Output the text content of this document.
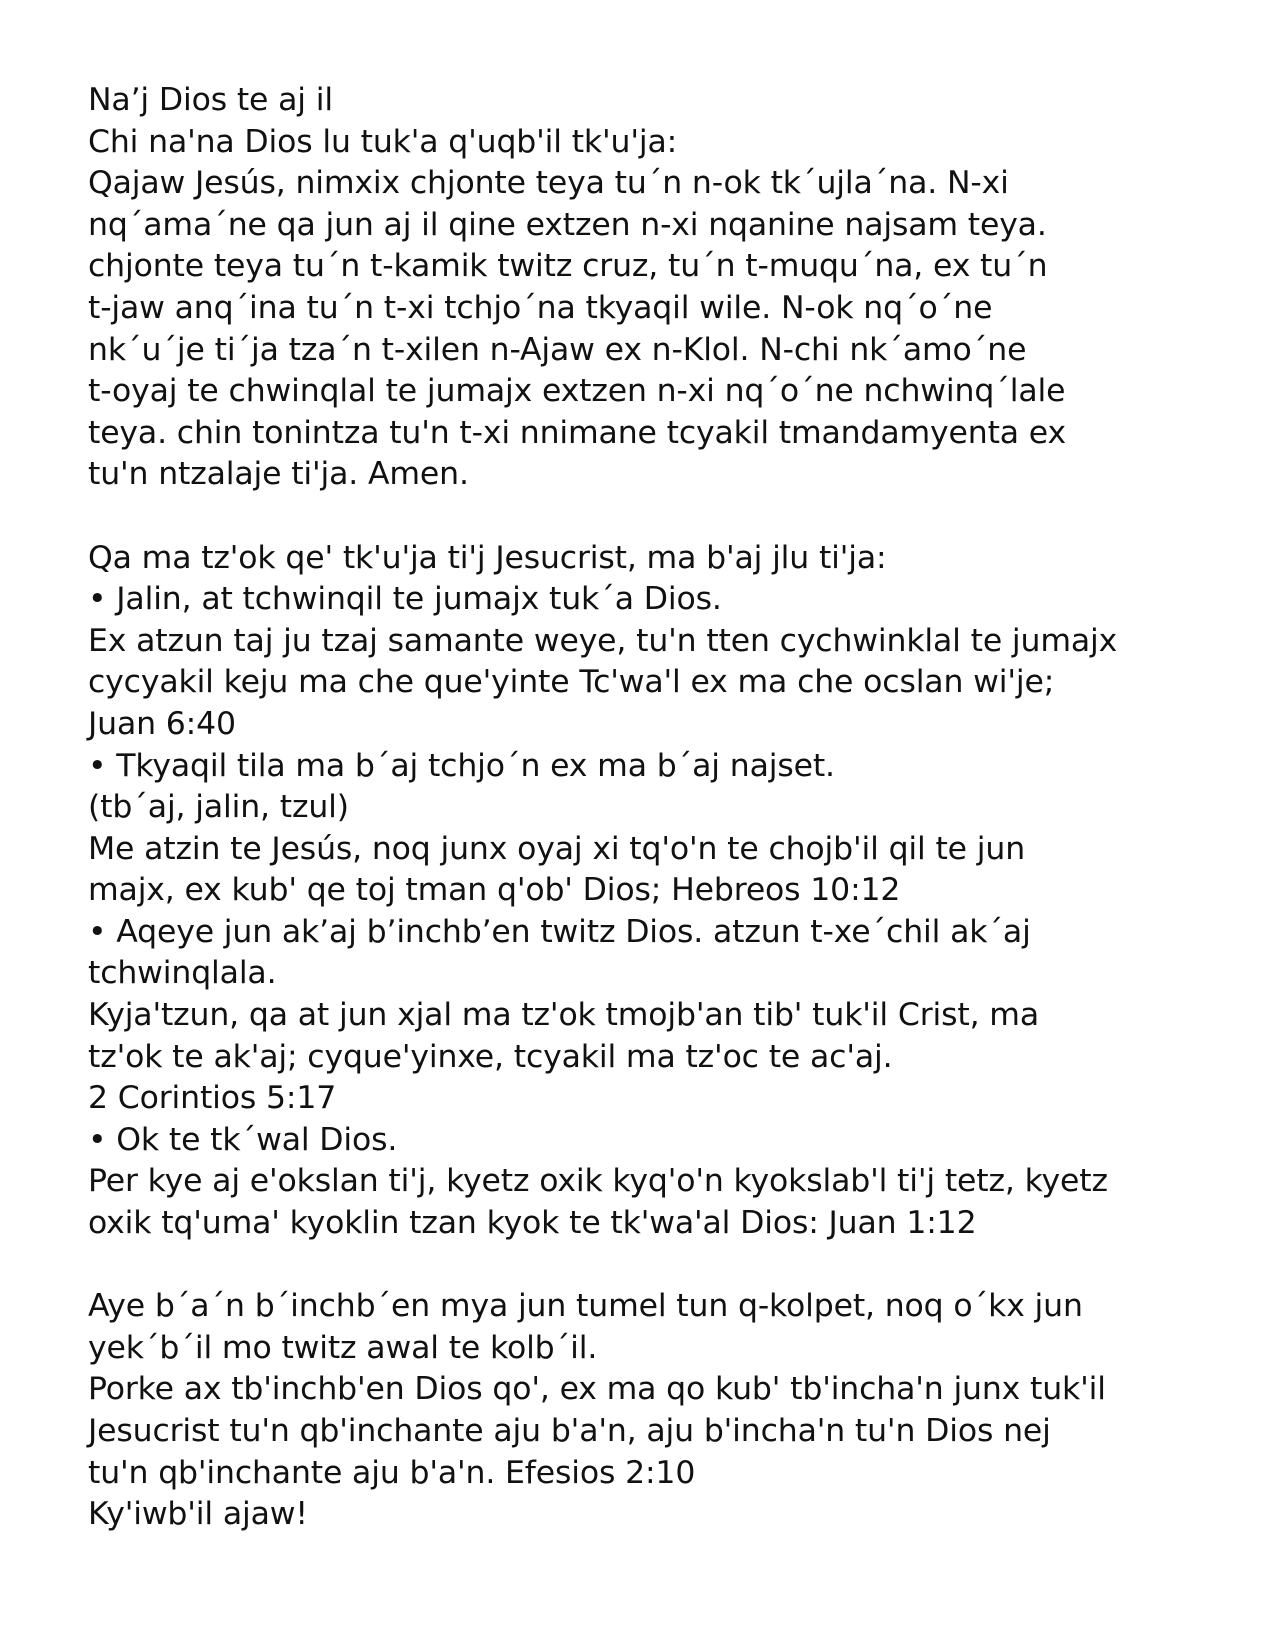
Na’j Dios te aj il
Chi na'na Dios lu tuk'a q'uqb'il tk'u'ja:
Qajaw Jesús, nimxix chjonte teya tu´n n-ok tk´ujla´na. N-xi
nq´ama´ne qa jun aj il qine extzen n-xi nqanine najsam teya.
chjonte teya tu´n t-kamik twitz cruz, tu´n t-muqu´na, ex tu´n
t-jaw anq´ina tu´n t-xi tchjo´na tkyaqil wile. N-ok nq´o´ne
nk´u´je ti´ja tza´n t-xilen n-Ajaw ex n-Klol. N-chi nk´amo´ne
t-oyaj te chwinqlal te jumajx extzen n-xi nq´o´ne nchwinq´lale
teya. chin tonintza tu'n t-xi nnimane tcyakil tmandamyenta ex
tu'n ntzalaje ti'ja. Amen.
Qa ma tz'ok qe' tk'u'ja ti'j Jesucrist, ma b'aj jlu ti'ja:
• Jalin, at tchwinqil te jumajx tuk´a Dios.
Ex atzun taj ju tzaj samante weye, tu'n tten cychwinklal te jumajx
cycyakil keju ma che que'yinte Tc'wa'l ex ma che ocslan wi'je;
Juan 6:40
• Tkyaqil tila ma b´aj tchjo´n ex ma b´aj najset.
(tb´aj, jalin, tzul)
Me atzin te Jesús, noq junx oyaj xi tq'o'n te chojb'il qil te jun
majx, ex kub' qe toj tman q'ob' Dios; Hebreos 10:12
• Aqeye jun ak’aj b’inchb’en twitz Dios. atzun t-xe´chil ak´aj
tchwinqlala.
Kyja'tzun, qa at jun xjal ma tz'ok tmojb'an tib' tuk'il Crist, ma
tz'ok te ak'aj; cyque'yinxe, tcyakil ma tz'oc te ac'aj.
2 Corintios 5:17
• Ok te tk´wal Dios.
Per kye aj e'okslan ti'j, kyetz oxik kyq'o'n kyokslab'l ti'j tetz, kyetz
oxik tq'uma' kyoklin tzan kyok te tk'wa'al Dios: Juan 1:12
Aye b´a´n b´inchb´en mya jun tumel tun q-kolpet, noq o´kx jun
yek´b´il mo twitz awal te kolb´il.
Porke ax tb'inchb'en Dios qo', ex ma qo kub' tb'incha'n junx tuk'il
Jesucrist tu'n qb'inchante aju b'a'n, aju b'incha'n tu'n Dios nej
tu'n qb'inchante aju b'a'n. Efesios 2:10
Ky'iwb'il ajaw!
